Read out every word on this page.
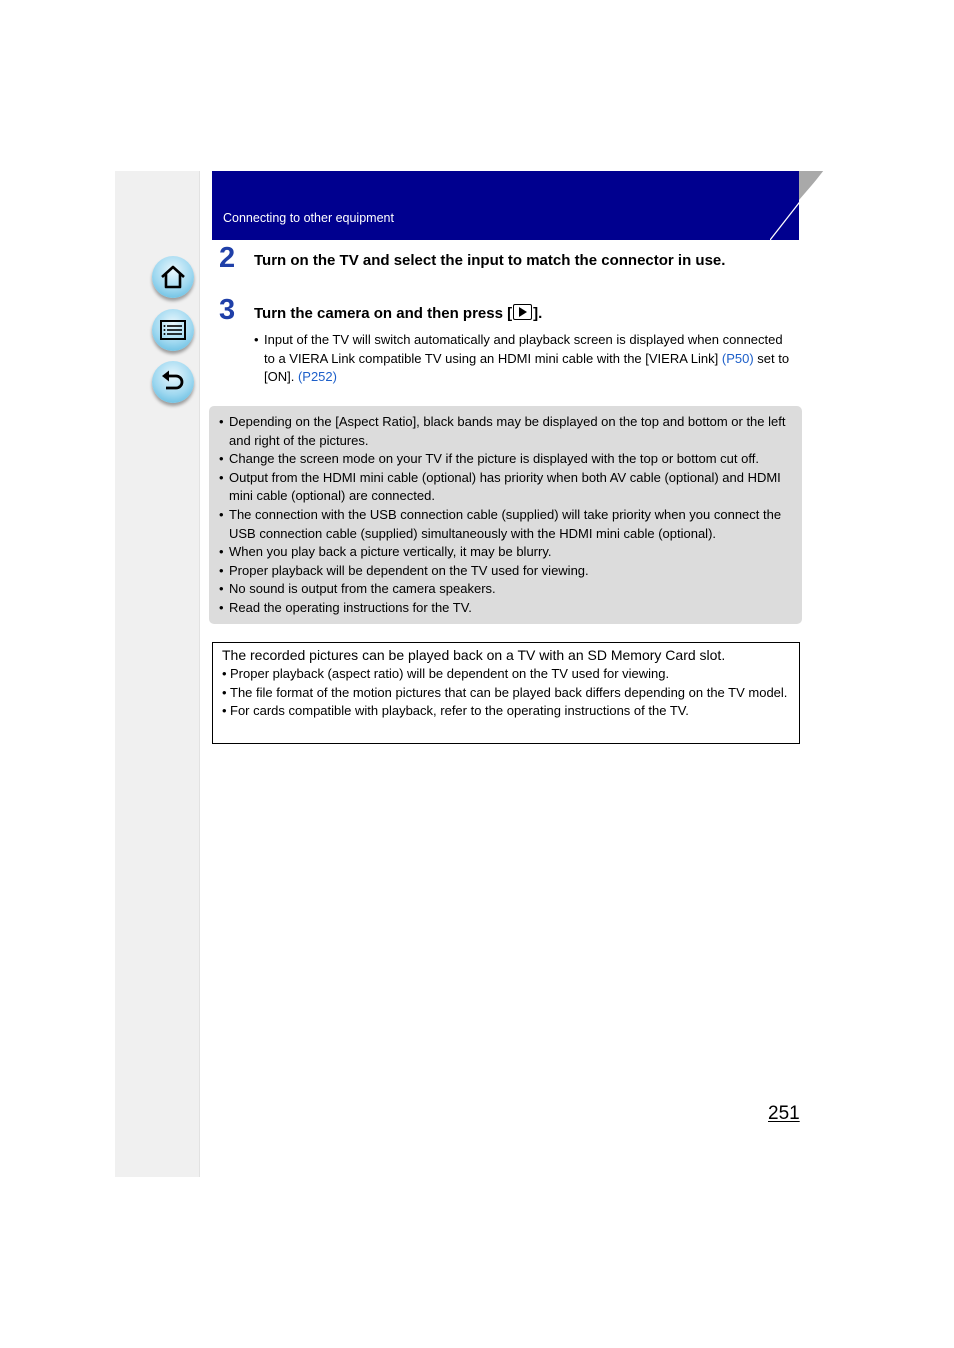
Connecting to other equipment
2 Turn on the TV and select the input to match the connector in use.
3 Turn the camera on and then press [ ].
• Input of the TV will switch automatically and playback screen is displayed when connected to a VIERA Link compatible TV using an HDMI mini cable with the [VIERA Link] (P50) set to [ON]. (P252)
• Depending on the [Aspect Ratio], black bands may be displayed on the top and bottom or the left and right of the pictures.
• Change the screen mode on your TV if the picture is displayed with the top or bottom cut off.
• Output from the HDMI mini cable (optional) has priority when both AV cable (optional) and HDMI mini cable (optional) are connected.
• The connection with the USB connection cable (supplied) will take priority when you connect the USB connection cable (supplied) simultaneously with the HDMI mini cable (optional).
• When you play back a picture vertically, it may be blurry.
• Proper playback will be dependent on the TV used for viewing.
• No sound is output from the camera speakers.
• Read the operating instructions for the TV.
The recorded pictures can be played back on a TV with an SD Memory Card slot.
• Proper playback (aspect ratio) will be dependent on the TV used for viewing.
• The file format of the motion pictures that can be played back differs depending on the TV model.
• For cards compatible with playback, refer to the operating instructions of the TV.
251
